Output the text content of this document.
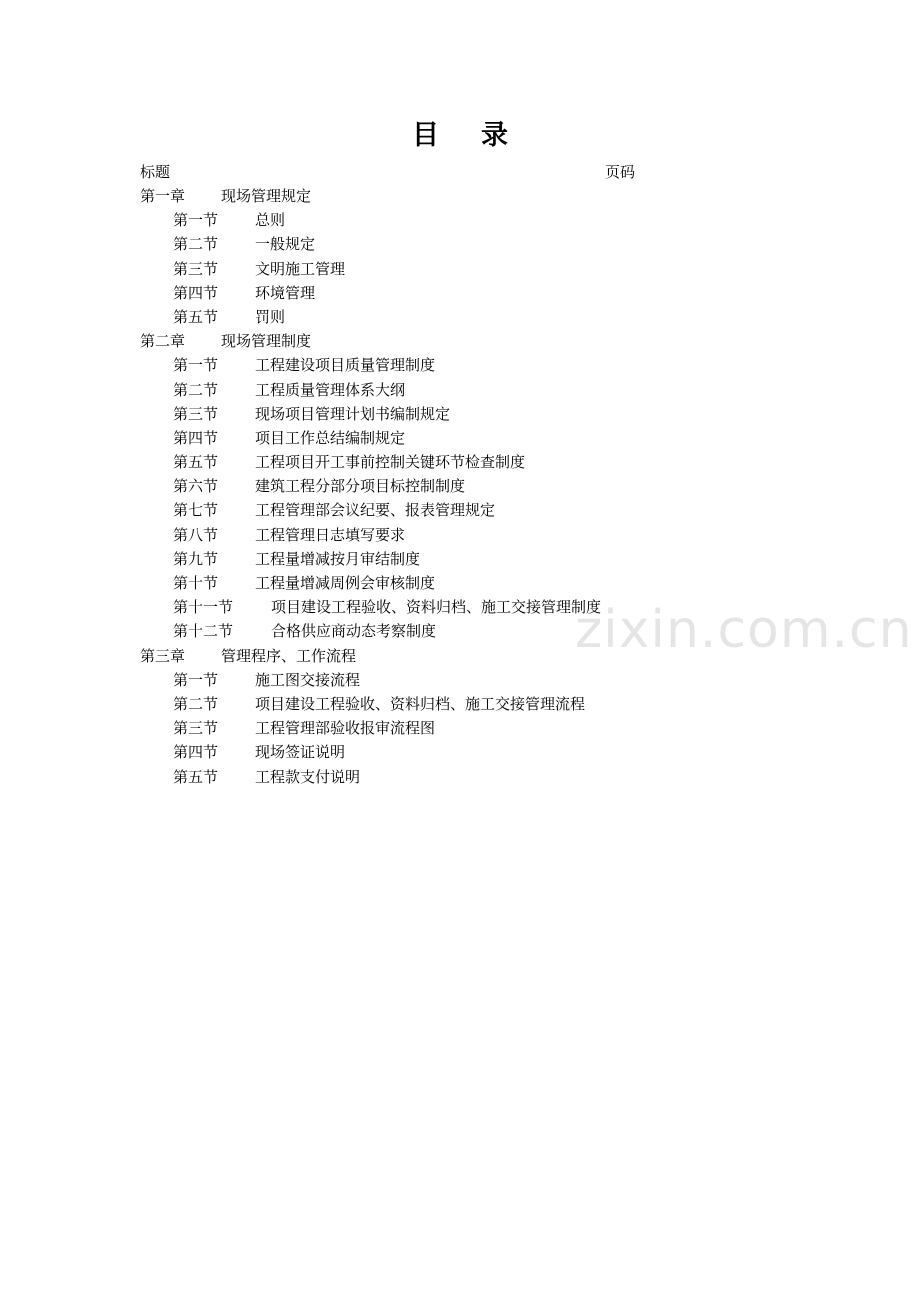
目 录
标题	页码
第一章 现场管理规定
第一节 总则
第二节 一般规定
第三节 文明施工管理
第四节 环境管理
第五节 罚则
第二章 现场管理制度
第一节 工程建设项目质量管理制度
第二节 工程质量管理体系大纲
第三节 现场项目管理计划书编制规定
第四节 项目工作总结编制规定
第五节 工程项目开工事前控制关键环节检查制度
第六节 建筑工程分部分项目标控制制度
第七节 工程管理部会议纪要、报表管理规定
第八节 工程管理日志填写要求
第九节 工程量增减按月审结制度
第十节 工程量增减周例会审核制度
第十一节	项目建设工程验收、资料归档、施工交接管理制度
第十二节	合格供应商动态考察制度
第三章 管理程序、工作流程
第一节 施工图交接流程
第二节 项目建设工程验收、资料归档、施工交接管理流程
第三节 工程管理部验收报审流程图
第四节 现场签证说明
第五节 工程款支付说明
zixin.com.cn
